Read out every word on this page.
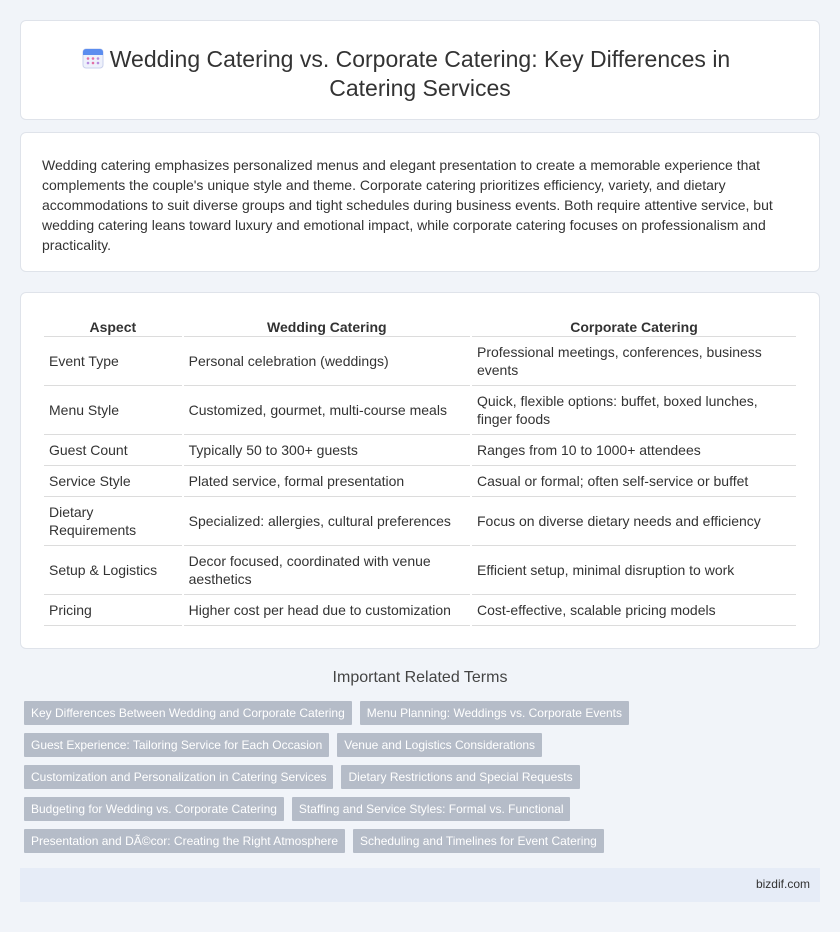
Wedding Catering vs. Corporate Catering: Key Differences in Catering Services

Wedding catering emphasizes personalized menus and elegant presentation to create a memorable experience that complements the couple's unique style and theme. Corporate catering prioritizes efficiency, variety, and dietary accommodations to suit diverse groups and tight schedules during business events. Both require attentive service, but wedding catering leans toward luxury and emotional impact, while corporate catering focuses on professionalism and practicality.

Aspect	Wedding Catering	Corporate Catering
Event Type	Personal celebration (weddings)	Professional meetings, conferences, business events
Menu Style	Customized, gourmet, multi-course meals	Quick, flexible options: buffet, boxed lunches, finger foods
Guest Count	Typically 50 to 300+ guests	Ranges from 10 to 1000+ attendees
Service Style	Plated service, formal presentation	Casual or formal; often self-service or buffet
Dietary Requirements	Specialized: allergies, cultural preferences	Focus on diverse dietary needs and efficiency
Setup & Logistics	Decor focused, coordinated with venue aesthetics	Efficient setup, minimal disruption to work
Pricing	Higher cost per head due to customization	Cost-effective, scalable pricing models
Important Related Terms
Key Differences Between Wedding and Corporate Catering	Menu Planning: Weddings vs. Corporate Events
Guest Experience: Tailoring Service for Each Occasion	Venue and Logistics Considerations
Customization and Personalization in Catering Services	Dietary Restrictions and Special Requests
Budgeting for Wedding vs. Corporate Catering	Staffing and Service Styles: Formal vs. Functional
Presentation and DÃ©cor: Creating the Right Atmosphere	Scheduling and Timelines for Event Catering
bizdif.com
